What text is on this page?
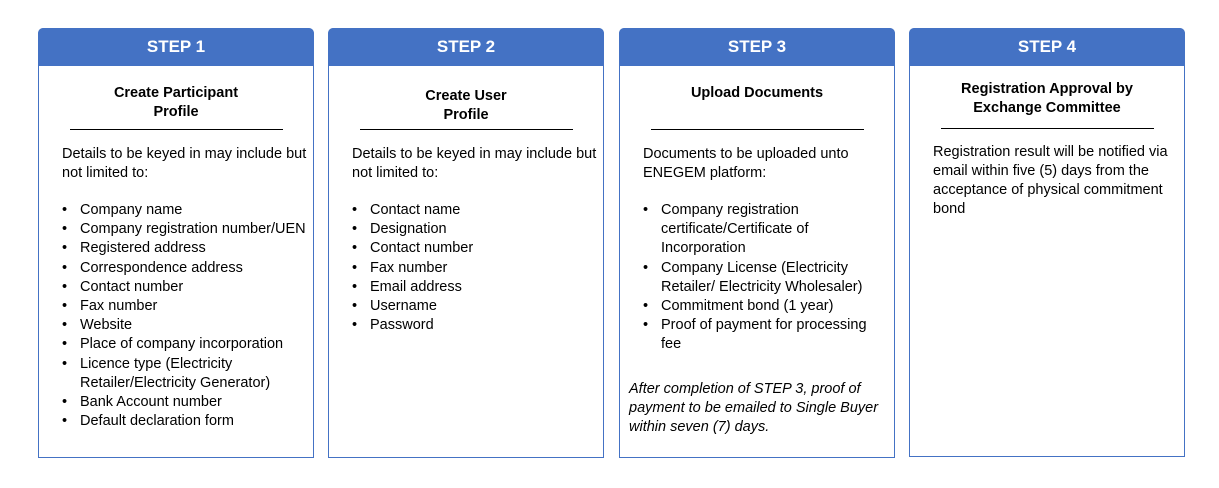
STEP 1
Create Participant
Profile

Details to be keyed in may include but not limited to:

• Company name
• Company registration number/UEN
• Registered address
• Correspondence address
• Contact number
• Fax number
• Website
• Place of company incorporation
• Licence type (Electricity Retailer/Electricity Generator)
• Bank Account number
• Default declaration form
STEP 2
Create User
Profile

Details to be keyed in may include but not limited to:

• Contact name
• Designation
• Contact number
• Fax number
• Email address
• Username
• Password
STEP 3
Upload Documents

Documents to be uploaded unto ENEGEM platform:

• Company registration certificate/Certificate of Incorporation
• Company License (Electricity Retailer/ Electricity Wholesaler)
• Commitment bond (1 year)
• Proof of payment for processing fee

After completion of STEP 3, proof of payment to be emailed to Single Buyer within seven (7) days.

STEP 4
Registration Approval by
Exchange Committee

Registration result will be notified via email within five (5) days from the acceptance of physical commitment bond
